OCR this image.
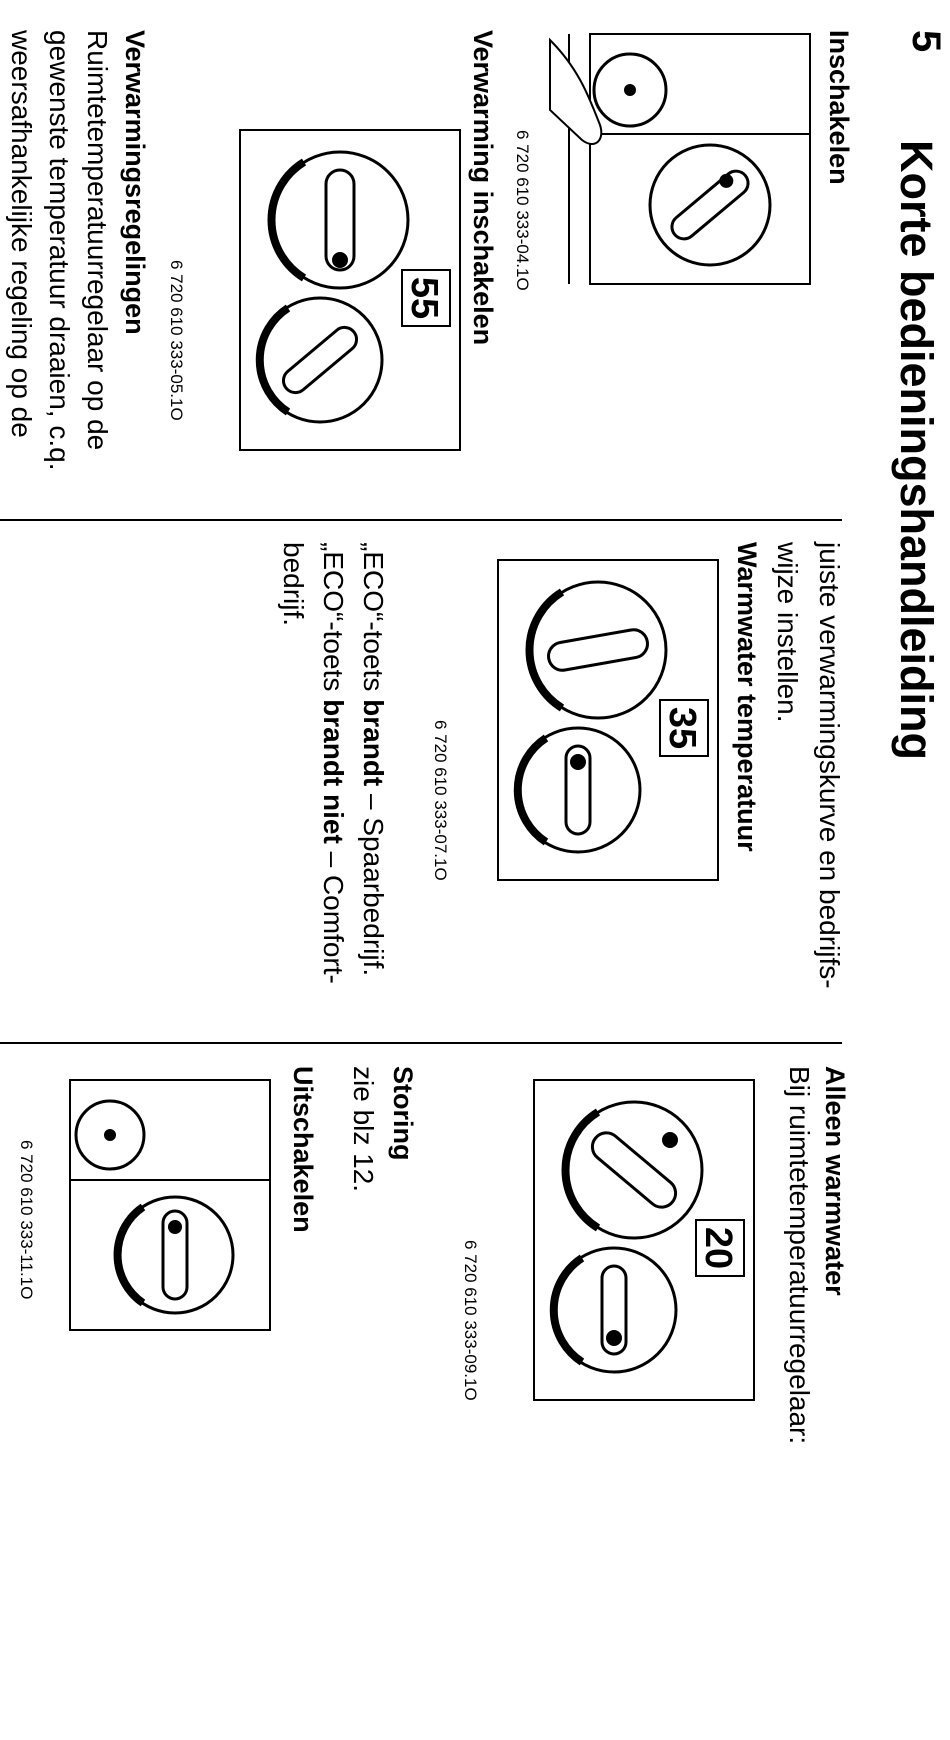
5
Korte bedieningshandleiding
Inschakelen
6 720 610 333-04.1O
Verwarming inschakelen
55
6 720 610 333-05.1O
Verwarmingsregelingen
Ruimtetemperatuurregelaar op de
gewenste temperatuur draaien, c.q.
weersafhankelijke regeling op de
juiste verwarmingskurve en bedrijfs-
wijze instellen.
Warmwater temperatuur
35
6 720 610 333-07.1O
„ECO“-toets brandt – Spaarbedrijf.
„ECO“-toets brandt niet – Comfort-
bedrijf.
Alleen warmwater
Bij ruimtetemperatuurregelaar:
20
6 720 610 333-09.1O
Storing
zie blz 12.
Uitschakelen
6 720 610 333-11.1O
